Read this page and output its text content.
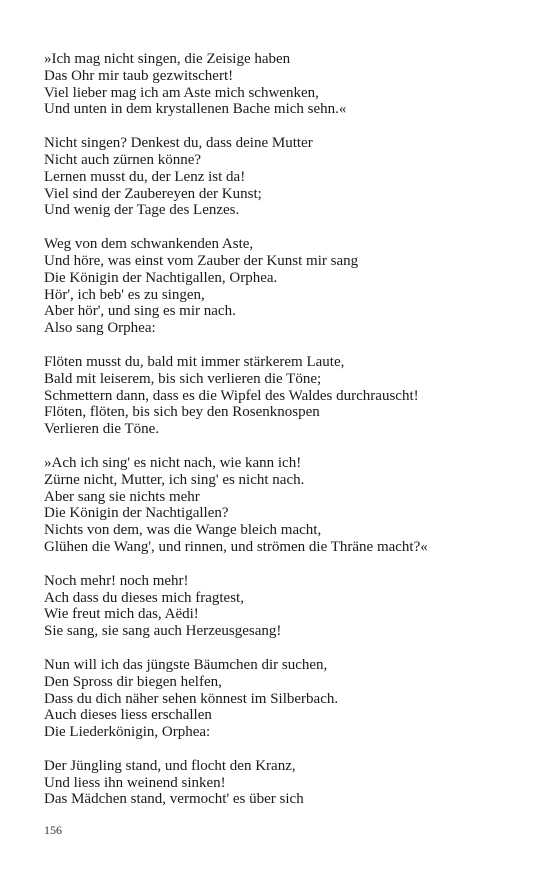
»Ich mag nicht singen, die Zeisige haben
Das Ohr mir taub gezwitschert!
Viel lieber mag ich am Aste mich schwenken,
Und unten in dem krystallenen Bache mich sehn.«
Nicht singen? Denkest du, dass deine Mutter
Nicht auch zürnen könne?
Lernen musst du, der Lenz ist da!
Viel sind der Zaubereyen der Kunst;
Und wenig der Tage des Lenzes.
Weg von dem schwankenden Aste,
Und höre, was einst vom Zauber der Kunst mir sang
Die Königin der Nachtigallen, Orphea.
Hör', ich beb' es zu singen,
Aber hör', und sing es mir nach.
Also sang Orphea:
Flöten musst du, bald mit immer stärkerem Laute,
Bald mit leiserem, bis sich verlieren die Töne;
Schmettern dann, dass es die Wipfel des Waldes durchrauscht!
Flöten, flöten, bis sich bey den Rosenknospen
Verlieren die Töne.
»Ach ich sing' es nicht nach, wie kann ich!
Zürne nicht, Mutter, ich sing' es nicht nach.
Aber sang sie nichts mehr
Die Königin der Nachtigallen?
Nichts von dem, was die Wange bleich macht,
Glühen die Wang', und rinnen, und strömen die Thräne macht?«
Noch mehr! noch mehr!
Ach dass du dieses mich fragtest,
Wie freut mich das, Aëdi!
Sie sang, sie sang auch Herzeusgesang!
Nun will ich das jüngste Bäumchen dir suchen,
Den Spross dir biegen helfen,
Dass du dich näher sehen könnest im Silberbach.
Auch dieses liess erschallen
Die Liederkönigin, Orphea:
Der Jüngling stand, und flocht den Kranz,
Und liess ihn weinend sinken!
Das Mädchen stand, vermocht' es über sich
156
